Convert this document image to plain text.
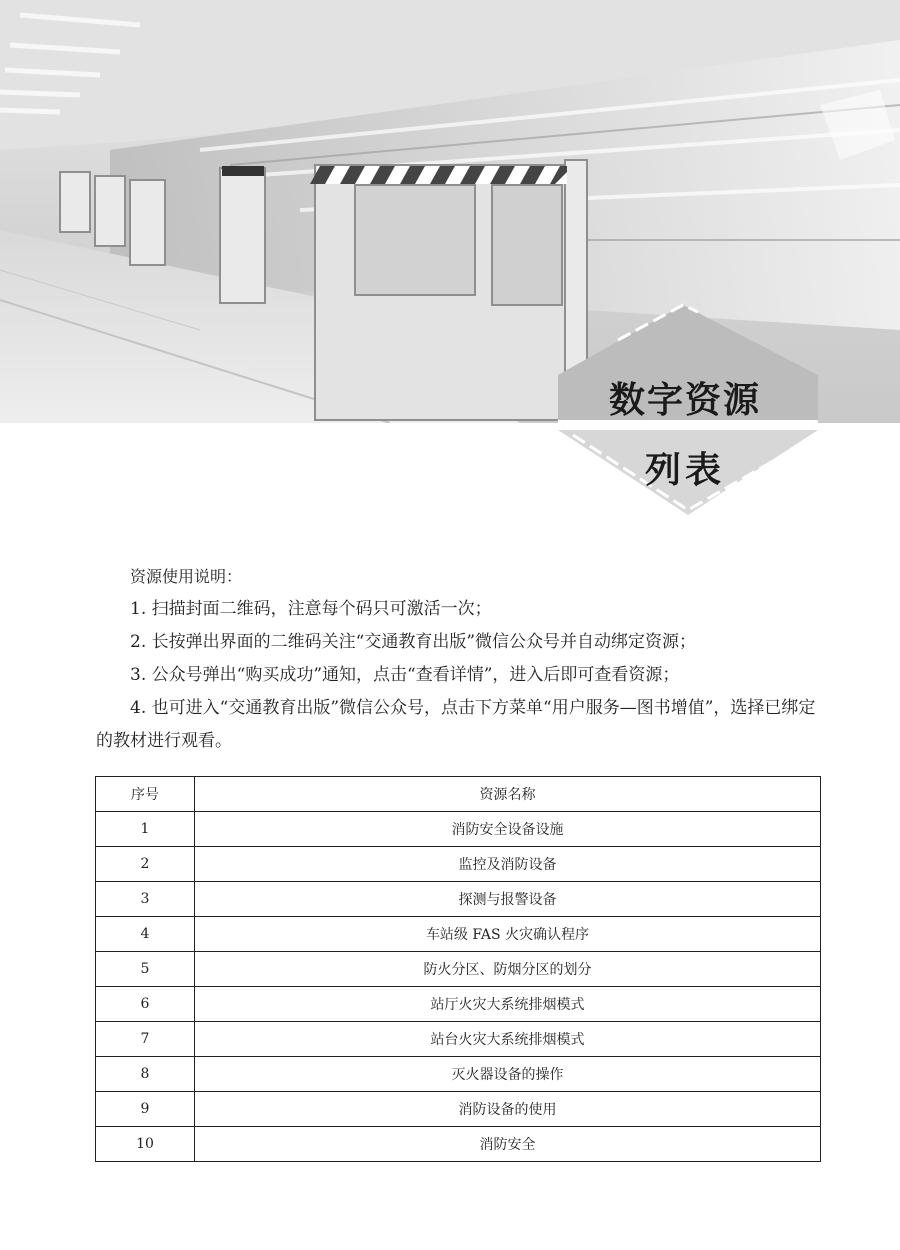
数字资源
列表
资源使用说明：
1. 扫描封面二维码，注意每个码只可激活一次；
2. 长按弹出界面的二维码关注“交通教育出版”微信公众号并自动绑定资源；
3. 公众号弹出“购买成功”通知，点击“查看详情”，进入后即可查看资源；
4. 也可进入“交通教育出版”微信公众号，点击下方菜单“用户服务—图书增值”，选择已绑定的教材进行观看。
序号	资源名称
1	消防安全设备设施
2	监控及消防设备
3	探测与报警设备
4	车站级 FAS 火灾确认程序
5	防火分区、防烟分区的划分
6	站厅火灾大系统排烟模式
7	站台火灾大系统排烟模式
8	灭火器设备的操作
9	消防设备的使用
10	消防安全
